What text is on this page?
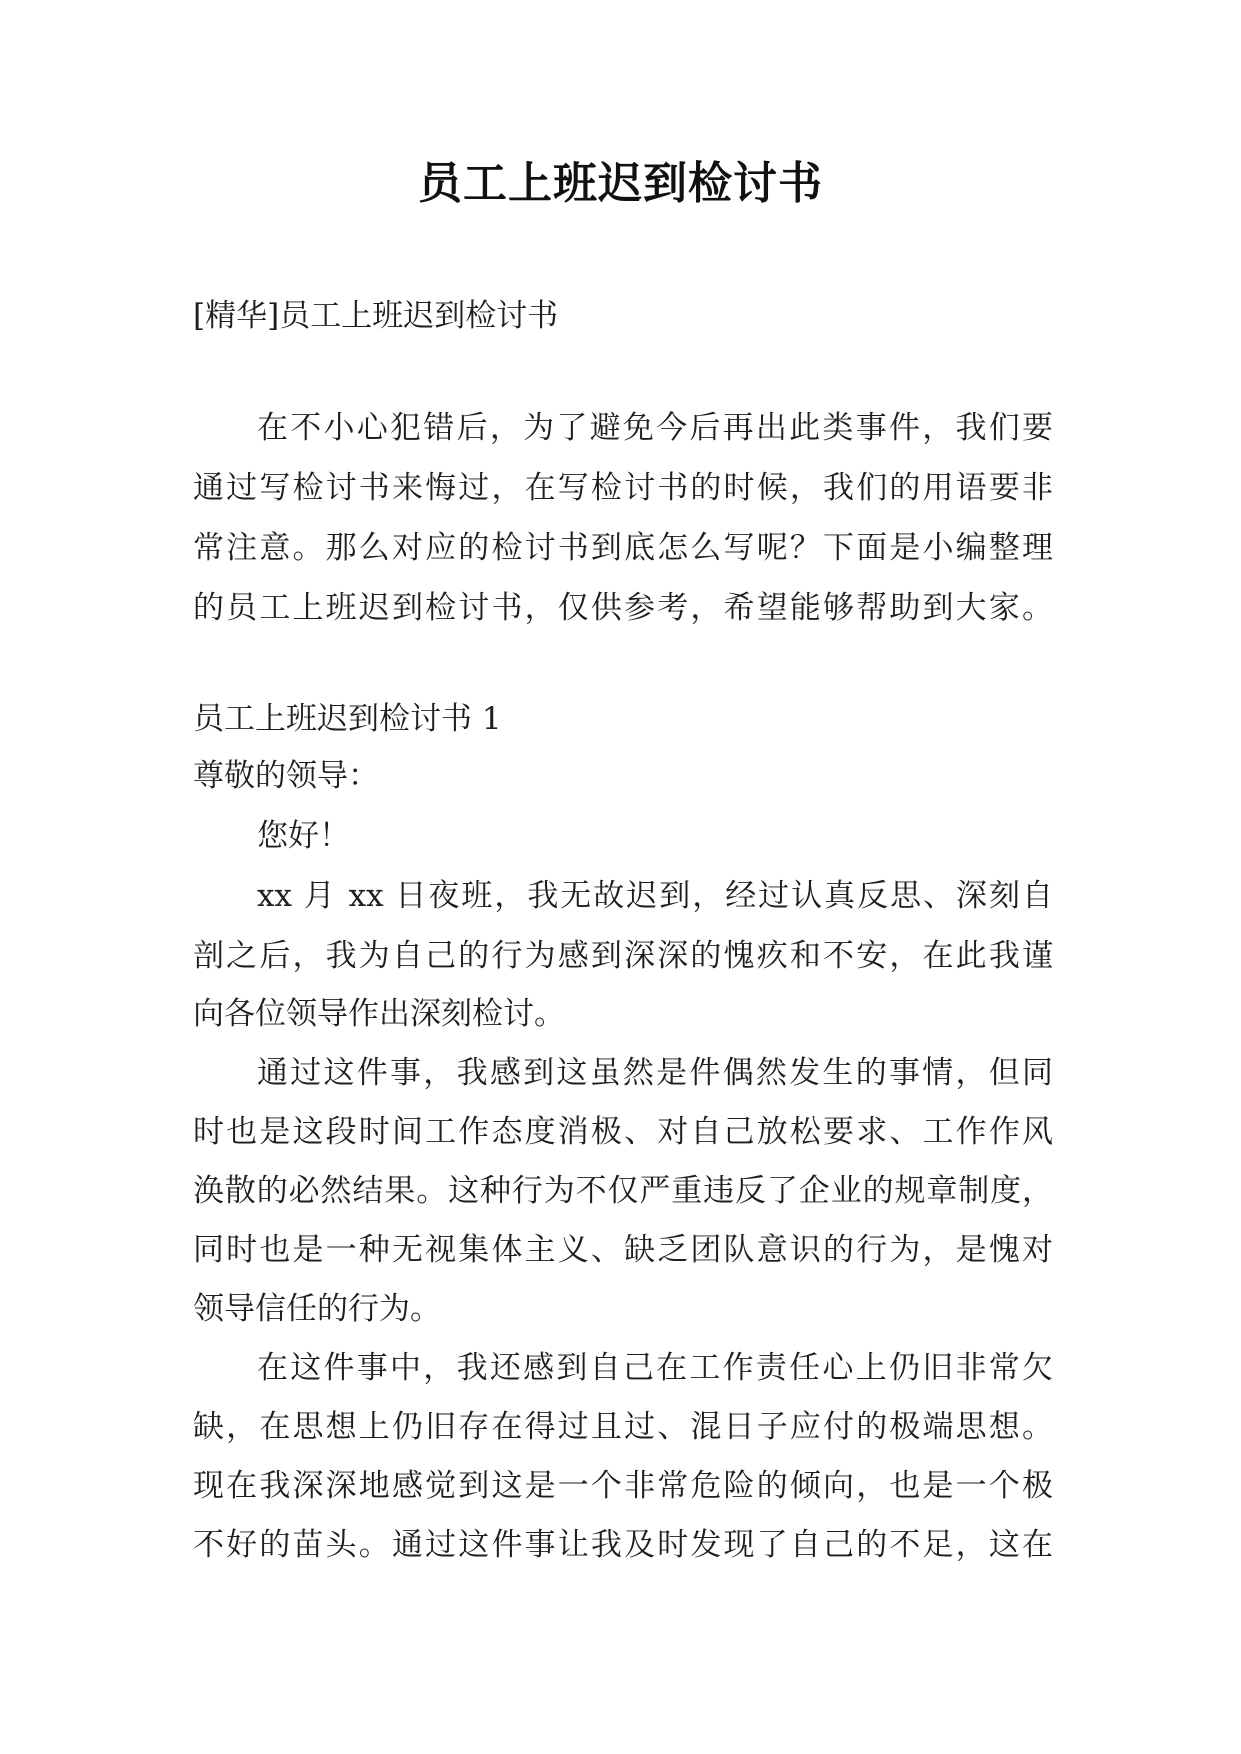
员工上班迟到检讨书
[精华]员工上班迟到检讨书
在不小心犯错后，为了避免今后再出此类事件，我们要
通过写检讨书来悔过，在写检讨书的时候，我们的用语要非
常注意。那么对应的检讨书到底怎么写呢？下面是小编整理
的员工上班迟到检讨书，仅供参考，希望能够帮助到大家。
员工上班迟到检讨书 1
尊敬的领导：
您好！
xx 月 xx 日夜班，我无故迟到，经过认真反思、深刻自
剖之后，我为自己的行为感到深深的愧疚和不安，在此我谨
向各位领导作出深刻检讨。
通过这件事，我感到这虽然是件偶然发生的事情，但同
时也是这段时间工作态度消极、对自己放松要求、工作作风
涣散的必然结果。这种行为不仅严重违反了企业的规章制度，
同时也是一种无视集体主义、缺乏团队意识的行为，是愧对
领导信任的行为。
在这件事中，我还感到自己在工作责任心上仍旧非常欠
缺，在思想上仍旧存在得过且过、混日子应付的极端思想。
现在我深深地感觉到这是一个非常危险的倾向，也是一个极
不好的苗头。通过这件事让我及时发现了自己的不足，这在
